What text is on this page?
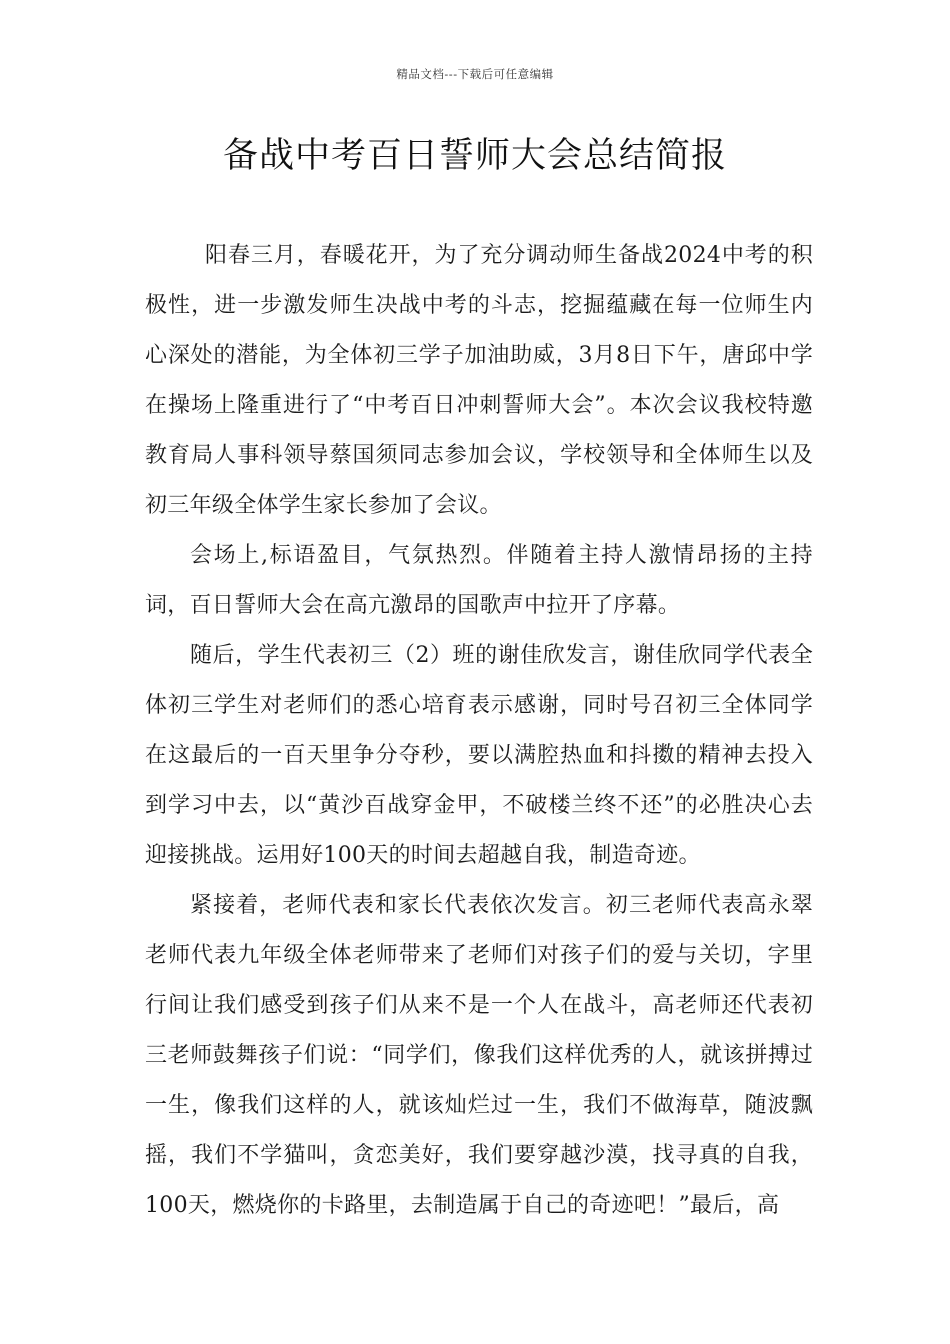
精品文档---下载后可任意编辑
备战中考百日誓师大会总结简报

阳春三月，春暖花开，为了充分调动师生备战2024中考的积极性，进一步激发师生决战中考的斗志，挖掘蕴藏在每一位师生内心深处的潜能，为全体初三学子加油助威，3月8日下午，唐邱中学在操场上隆重进行了“中考百日冲刺誓师大会”。本次会议我校特邀教育局人事科领导蔡国须同志参加会议，学校领导和全体师生以及初三年级全体学生家长参加了会议。

会场上,标语盈目，气氛热烈。伴随着主持人激情昂扬的主持词，百日誓师大会在高亢激昂的国歌声中拉开了序幕。

随后，学生代表初三（2）班的谢佳欣发言，谢佳欣同学代表全体初三学生对老师们的悉心培育表示感谢，同时号召初三全体同学在这最后的一百天里争分夺秒，要以满腔热血和抖擞的精神去投入到学习中去，以“黄沙百战穿金甲，不破楼兰终不还”的必胜决心去迎接挑战。运用好100天的时间去超越自我，制造奇迹。

紧接着，老师代表和家长代表依次发言。初三老师代表高永翠老师代表九年级全体老师带来了老师们对孩子们的爱与关切，字里行间让我们感受到孩子们从来不是一个人在战斗，高老师还代表初三老师鼓舞孩子们说：“同学们，像我们这样优秀的人，就该拼搏过一生，像我们这样的人，就该灿烂过一生，我们不做海草，随波飘摇，我们不学猫叫，贪恋美好，我们要穿越沙漠，找寻真的自我，100天，燃烧你的卡路里，去制造属于自己的奇迹吧！”最后，高
